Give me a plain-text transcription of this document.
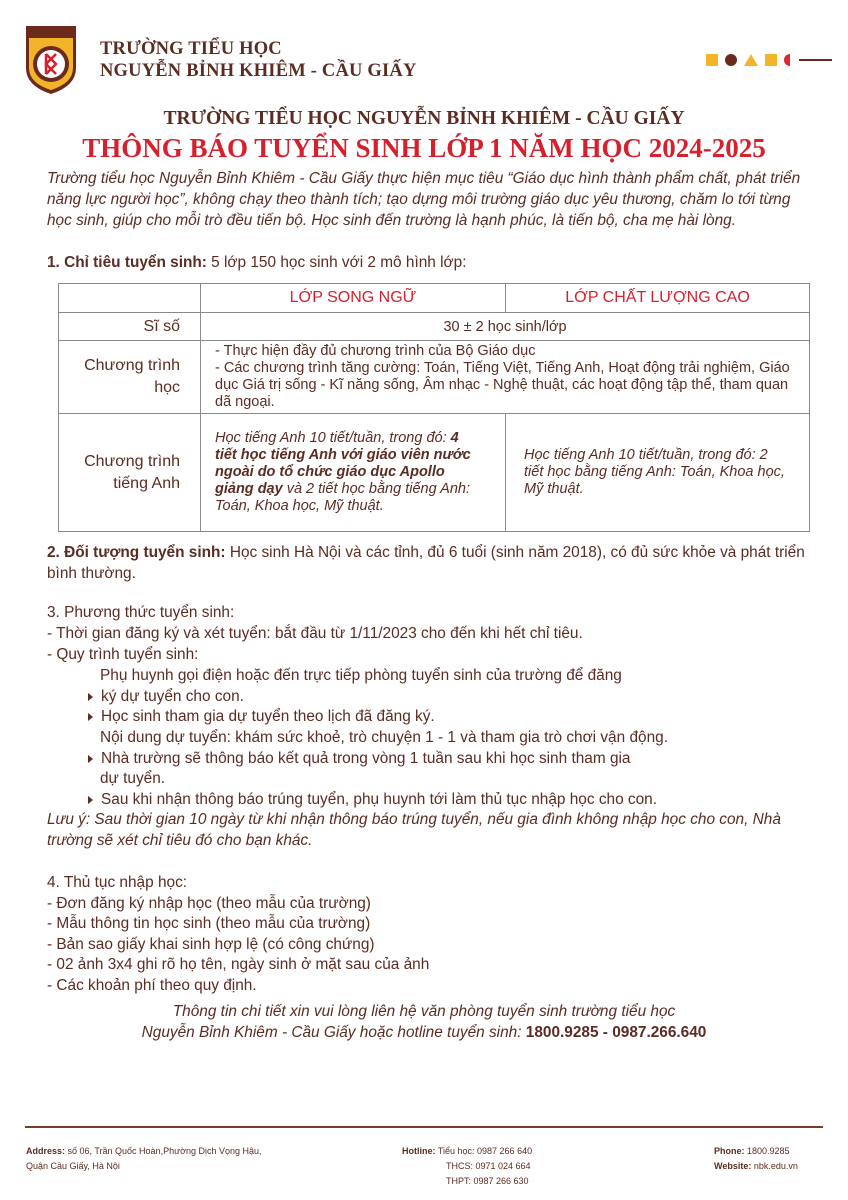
TRƯỜNG TIỂU HỌC
NGUYỄN BỈNH KHIÊM - CẦU GIẤY
TRƯỜNG TIỂU HỌC NGUYỄN BỈNH KHIÊM - CẦU GIẤY
THÔNG BÁO TUYỂN SINH LỚP 1 NĂM HỌC 2024-2025
Trường tiểu học Nguyễn Bỉnh Khiêm - Cầu Giấy thực hiện mục tiêu “Giáo dục hình thành phẩm chất, phát triển năng lực người học”, không chạy theo thành tích; tạo dựng môi trường giáo dục yêu thương, chăm lo tới từng học sinh, giúp cho mỗi trò đều tiến bộ. Học sinh đến trường là hạnh phúc, là tiến bộ, cha mẹ hài lòng.
1. Chỉ tiêu tuyển sinh: 5 lớp 150 học sinh với 2 mô hình lớp:
	LỚP SONG NGỮ	LỚP CHẤT LƯỢNG CAO
Sĩ số	30 ± 2 học sinh/lớp	
Chương trình học	- Thực hiện đầy đủ chương trình của Bộ Giáo dục
- Các chương trình tăng cường: Toán, Tiếng Việt, Tiếng Anh, Hoạt động trải nghiệm, Giáo dục Giá trị sống - Kĩ năng sống, Âm nhạc - Nghệ thuật, các hoạt động tập thể, tham quan dã ngoại.	

Chương trình tiếng Anh	Học tiếng Anh 10 tiết/tuần, trong đó: 4 tiết học tiếng Anh với giáo viên nước ngoài do tổ chức giáo dục Apollo giảng dạy và 2 tiết học bằng tiếng Anh: Toán, Khoa học, Mỹ thuật.	Học tiếng Anh 10 tiết/tuần, trong đó: 2 tiết học bằng tiếng Anh: Toán, Khoa học, Mỹ thuật.
2. Đối tượng tuyển sinh: Học sinh Hà Nội và các tỉnh, đủ 6 tuổi (sinh năm 2018), có đủ sức khỏe và phát triển bình thường.
3. Phương thức tuyển sinh:
- Thời gian đăng ký và xét tuyển: bắt đầu từ 1/11/2023 cho đến khi hết chỉ tiêu.
- Quy trình tuyển sinh:
Phụ huynh gọi điện hoặc đến trực tiếp phòng tuyển sinh của trường để đăng
ký dự tuyển cho con.
Học sinh tham gia dự tuyển theo lịch đã đăng ký.
Nội dung dự tuyển: khám sức khoẻ, trò chuyện 1 - 1 và tham gia trò chơi vận động.
Nhà trường sẽ thông báo kết quả trong vòng 1 tuần sau khi học sinh tham gia
dự tuyển.
Sau khi nhận thông báo trúng tuyển, phụ huynh tới làm thủ tục nhập học cho con.
Lưu ý: Sau thời gian 10 ngày từ khi nhận thông báo trúng tuyển, nếu gia đình không nhập học cho con, Nhà trường sẽ xét chỉ tiêu đó cho bạn khác.
4. Thủ tục nhập học:
- Đơn đăng ký nhập học (theo mẫu của trường)
- Mẫu thông tin học sinh (theo mẫu của trường)
- Bản sao giấy khai sinh hợp lệ (có công chứng)
- 02 ảnh 3x4 ghi rõ họ tên, ngày sinh ở mặt sau của ảnh
- Các khoản phí theo quy định.
Thông tin chi tiết xin vui lòng liên hệ văn phòng tuyển sinh trường tiểu học
Nguyễn Bỉnh Khiêm - Cầu Giấy hoặc hotline tuyển sinh: 1800.9285 - 0987.266.640
Address: số 06, Trần Quốc Hoàn,Phường Dịch Vọng Hậu,
Quận Cầu Giấy, Hà Nội
Hotline: Tiểu học: 0987 266 640
THCS: 0971 024 664
THPT: 0987 266 630
Phone: 1800.9285
Website: nbk.edu.vn
